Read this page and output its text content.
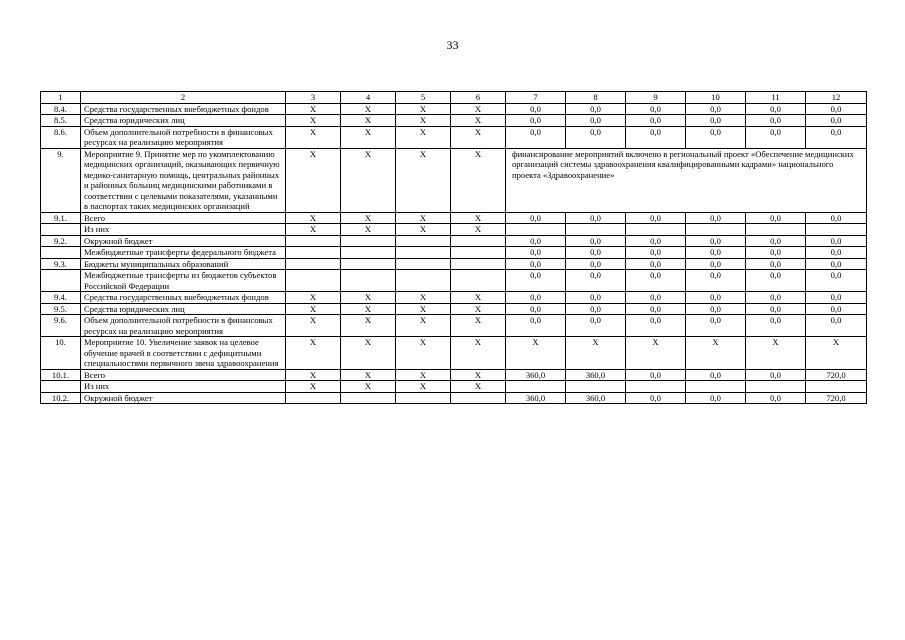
33
1	2	3	4	5	6	7	8	9	10	11	12
8.4.	Средства государственных внебюджетных фондов	X	X	X	X	0,0	0,0	0,0	0,0	0,0	0,0
8.5.	Средства юридических лиц	X	X	X	X	0,0	0,0	0,0	0,0	0,0	0,0
8.6.	Объем дополнительной потребности в финансовых ресурсах на реализацию мероприятия	X	X	X	X	0,0	0,0	0,0	0,0	0,0	0,0
9.	Мероприятие 9. Принятие мер по укомплектованию медицинских организаций, оказывающих первичную медико-санитарную помощь, центральных районных и районных больниц медицинскими работниками в соответствии с целевыми показателями, указанными в паспортах таких медицинских организаций	X	X	X	X	финансирование мероприятий включено в региональный проект «Обеспечение медицинских организаций системы здравоохранения квалифицированными кадрами» национального проекта «Здравоохранение»					
9.1.	Всего	X	X	X	X	0,0	0,0	0,0	0,0	0,0	0,0
	Из них	X	X	X	X						
9.2.	Окружной бюджет					0,0	0,0	0,0	0,0	0,0	0,0
	Межбюджетные трансферты федерального бюджета					0,0	0,0	0,0	0,0	0,0	0,0
9.3.	Бюджеты муниципальных образований					0,0	0,0	0,0	0,0	0,0	0,0
	Межбюджетные трансферты из бюджетов субъектов Российской Федерации					0,0	0,0	0,0	0,0	0,0	0,0
9.4.	Средства государственных внебюджетных фондов	X	X	X	X	0,0	0,0	0,0	0,0	0,0	0,0
9.5.	Средства юридических лиц	X	X	X	X	0,0	0,0	0,0	0,0	0,0	0,0
9.6.	Объем дополнительной потребности в финансовых ресурсах на реализацию мероприятия	X	X	X	X	0,0	0,0	0,0	0,0	0,0	0,0
10.	Мероприятие 10. Увеличение заявок на целевое обучение врачей в соответствии с дефицитными специальностями первичного звена здравоохранения	X	X	X	X	X	X	X	X	X	X
10.1.	Всего	X	X	X	X	360,0	360,0	0,0	0,0	0,0	720,0
	Из них	X	X	X	X						
10.2.	Окружной бюджет					360,0	360,0	0,0	0,0	0,0	720,0
